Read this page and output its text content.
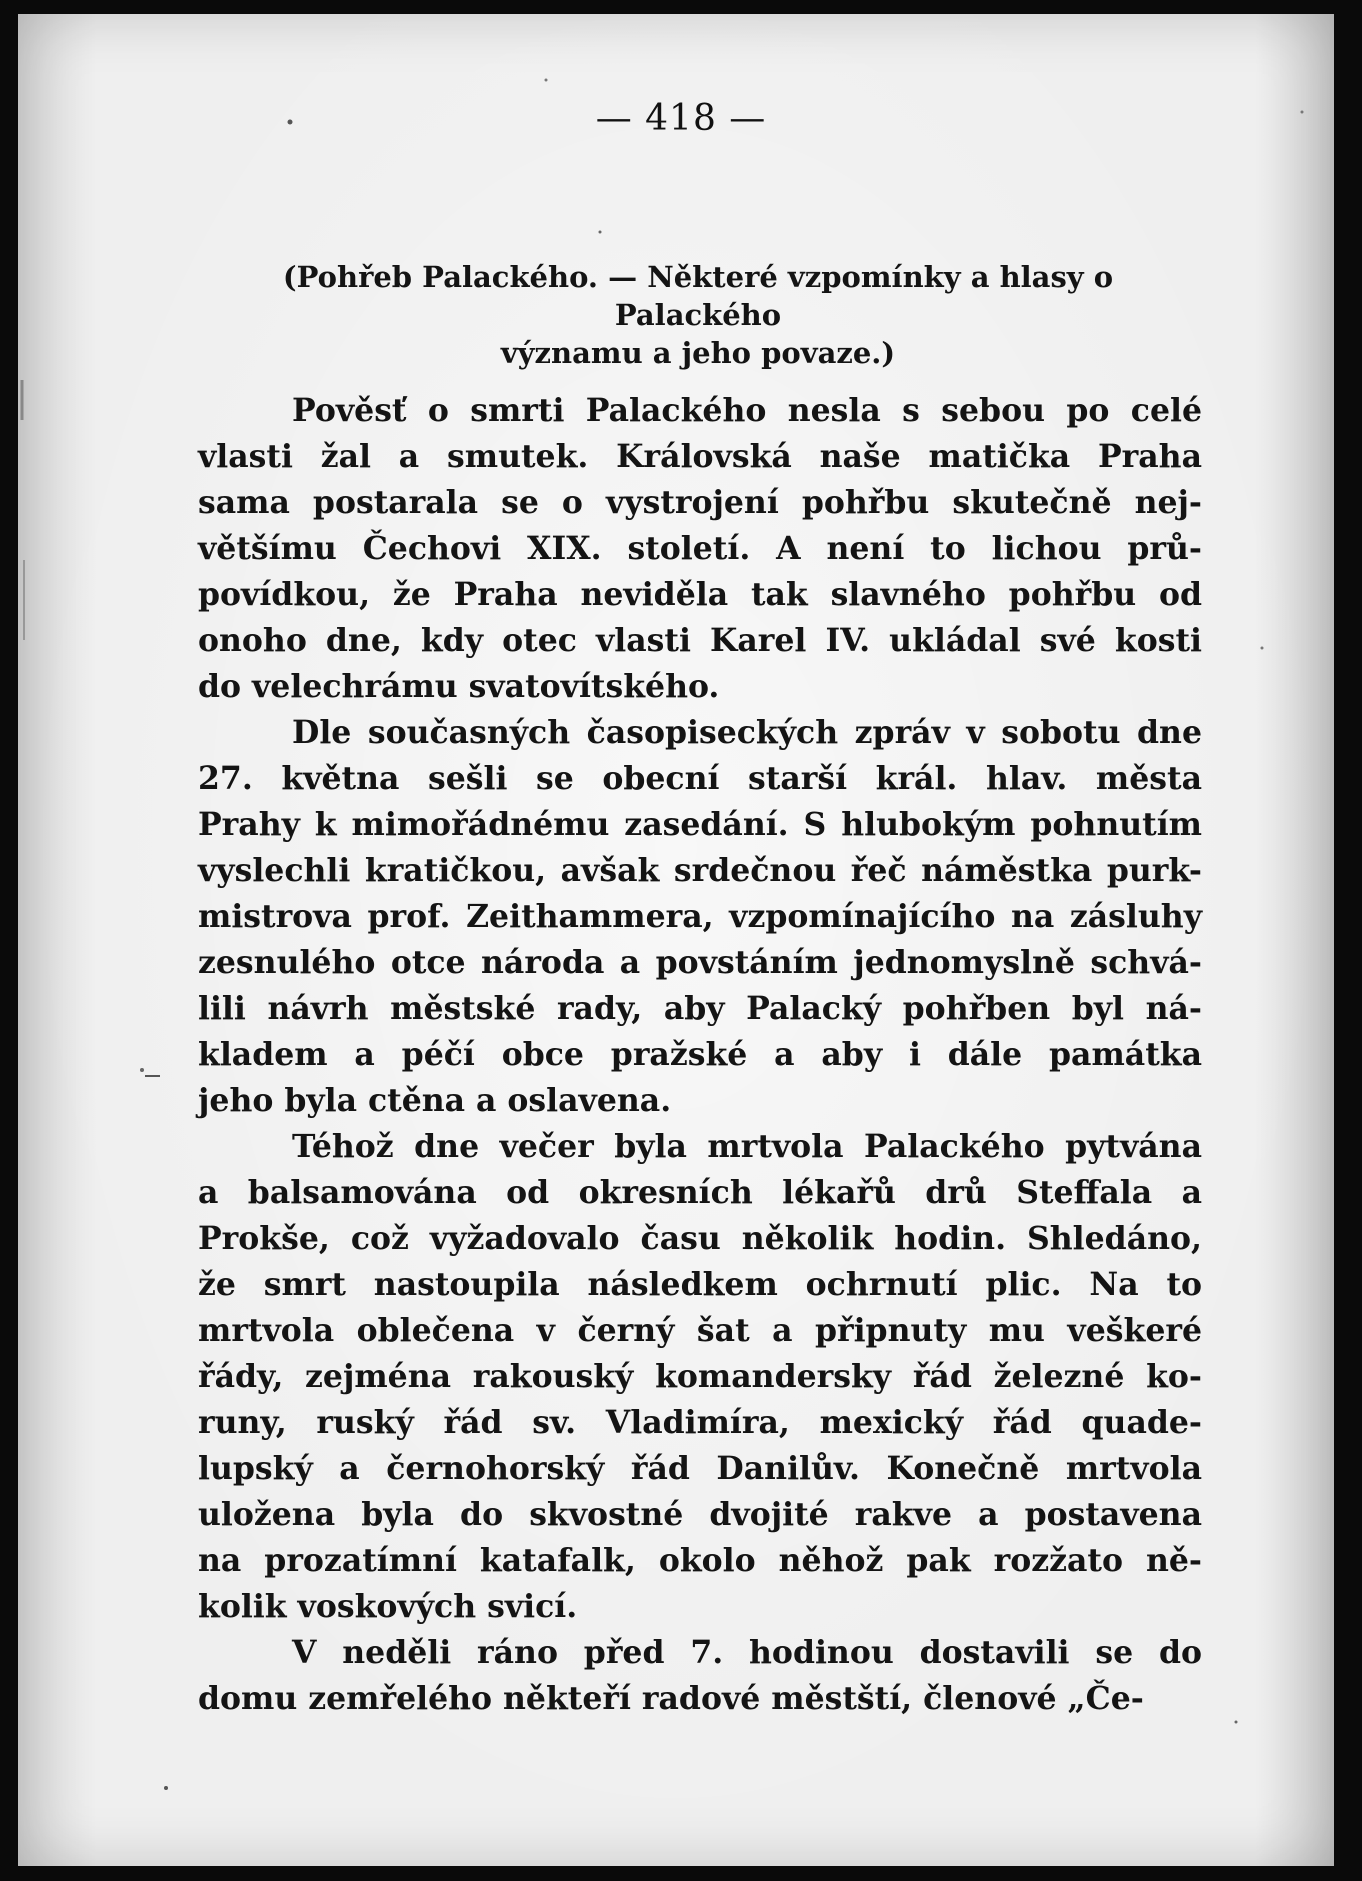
— 418 —
(Pohřeb Palackého. — Některé vzpomínky a hlasy o Palackého
významu a jeho povaze.)

Pověsť o smrti Palackého nesla s sebou po celé
vlasti žal a smutek. Královská naše matička Praha
sama postarala se o vystrojení pohřbu skutečně nej-
většímu Čechovi XIX. století. A není to lichou prů-
povídkou, že Praha neviděla tak slavného pohřbu od
onoho dne, kdy otec vlasti Karel IV. ukládal své kosti
do velechrámu svatovítského.

Dle současných časopiseckých zpráv v sobotu dne
27. května sešli se obecní starší král. hlav. města
Prahy k mimořádnému zasedání. S hlubokým pohnutím
vyslechli kratičkou, avšak srdečnou řeč náměstka purk-
mistrova prof. Zeithammera, vzpomínajícího na zásluhy
zesnulého otce národa a povstáním jednomyslně schvá-
lili návrh městské rady, aby Palacký pohřben byl ná-
kladem a péčí obce pražské a aby i dále památka
jeho byla ctěna a oslavena.

Téhož dne večer byla mrtvola Palackého pytvána
a balsamována od okresních lékařů drů Steffala a
Prokše, což vyžadovalo času několik hodin. Shledáno,
že smrt nastoupila následkem ochrnutí plic. Na to
mrtvola oblečena v černý šat a připnuty mu veškeré
řády, zejména rakouský komandersky řád železné ko-
runy, ruský řád sv. Vladimíra, mexický řád quade-
lupský a černohorský řád Danilův. Konečně mrtvola
uložena byla do skvostné dvojité rakve a postavena
na prozatímní katafalk, okolo něhož pak rozžato ně-
kolik voskových svicí.

V neděli ráno před 7. hodinou dostavili se do
domu zemřelého někteří radové městští, členové „Če-
